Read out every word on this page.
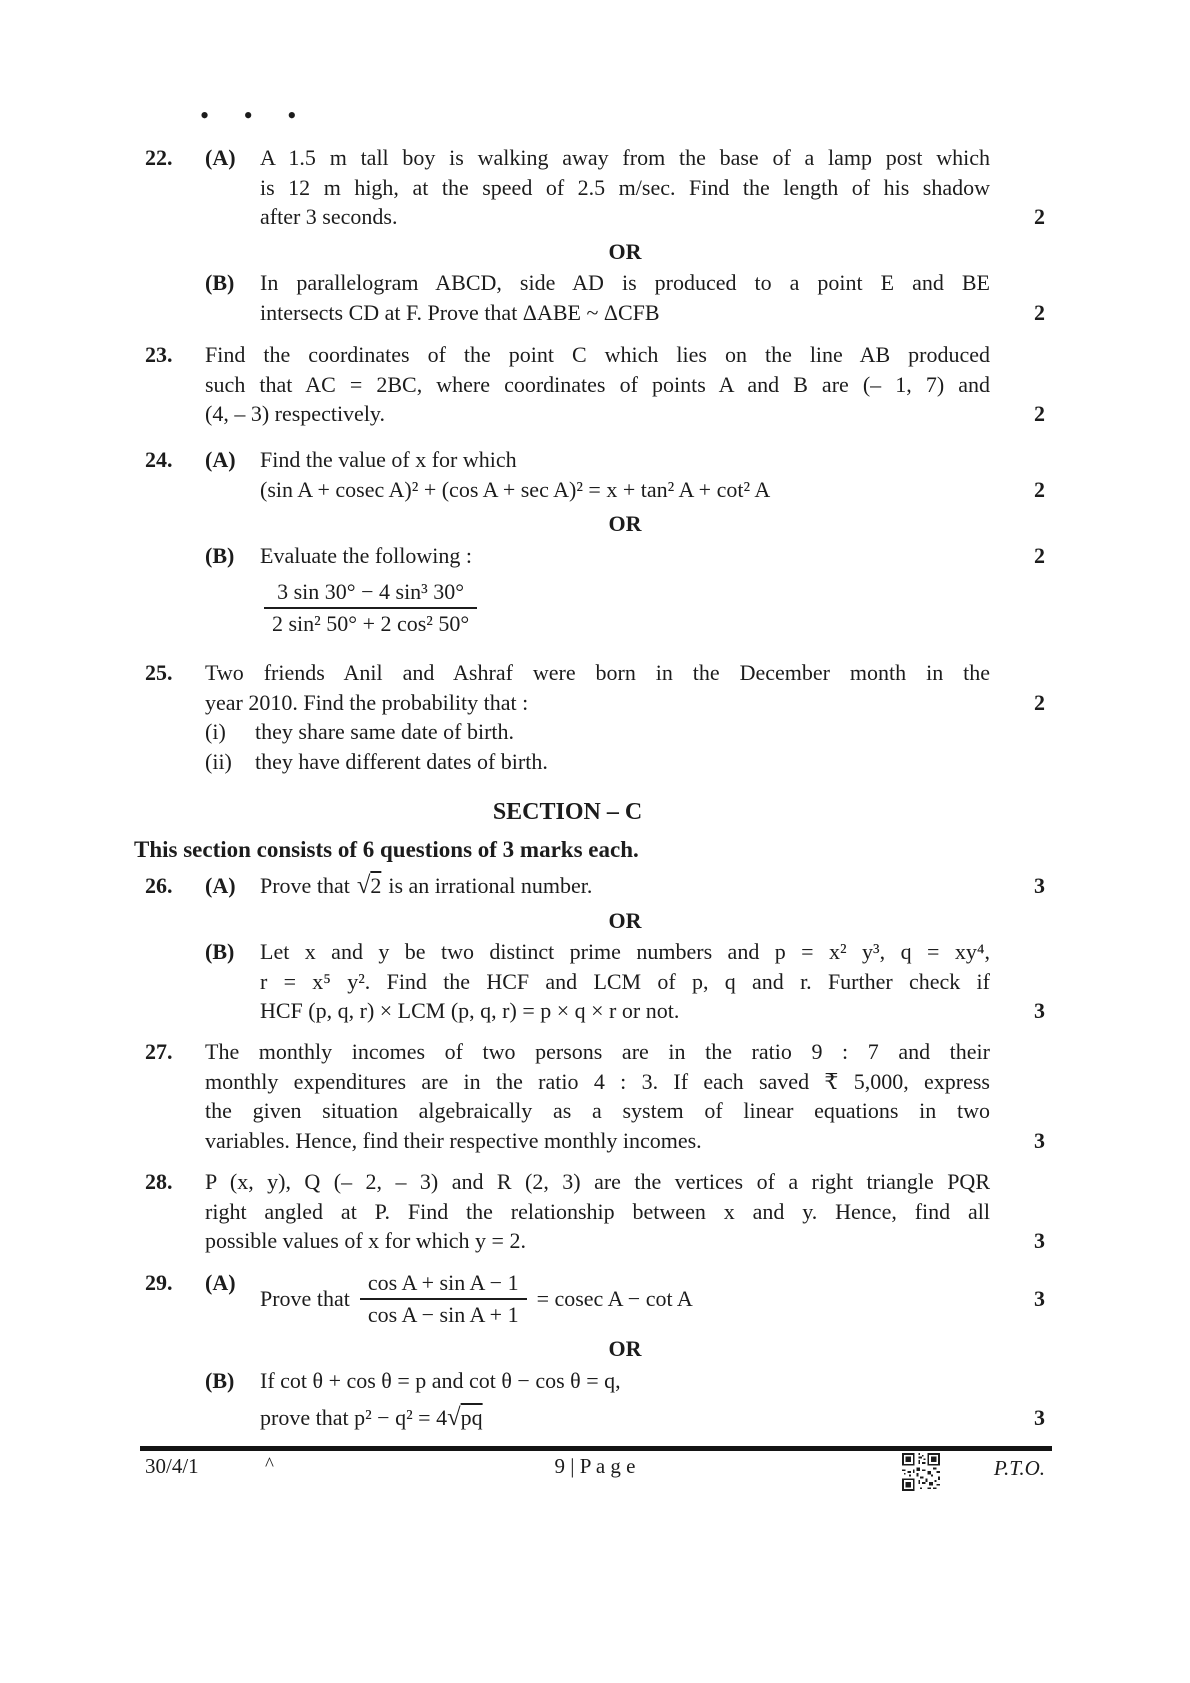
• • •
22.	(A)	A 1.5 m tall boy is walking away from the base of a lamp post which
is 12 m high, at the speed of 2.5 m/sec. Find the length of his shadow
after 3 seconds.	2
OR
(B)	In parallelogram ABCD, side AD is produced to a point E and BE
intersects CD at F. Prove that ΔABE ~ ΔCFB	2
23.	Find the coordinates of the point C which lies on the line AB produced
such that AC = 2BC, where coordinates of points A and B are (– 1, 7) and
(4, – 3) respectively.	2
24.	(A)	Find the value of x for which
(sin A + cosec A)² + (cos A + sec A)² = x + tan² A + cot² A	2
OR
(B)	Evaluate the following :	2
3 sin 30° − 4 sin³ 30°
2 sin² 50° + 2 cos² 50°
25.	Two friends Anil and Ashraf were born in the December month in the
year 2010. Find the probability that :	2
(i)	they share same date of birth.
(ii)	they have different dates of birth.
SECTION – C
This section consists of 6 questions of 3 marks each.
26.	(A)	Prove that √2 is an irrational number.	3
OR
(B)	Let x and y be two distinct prime numbers and p = x² y³, q = xy⁴,
r = x⁵ y². Find the HCF and LCM of p, q and r. Further check if
HCF (p, q, r) × LCM (p, q, r) = p × q × r or not.	3
27.	The monthly incomes of two persons are in the ratio 9 : 7 and their
monthly expenditures are in the ratio 4 : 3. If each saved ₹ 5,000, express
the given situation algebraically as a system of linear equations in two
variables. Hence, find their respective monthly incomes.	3
28.	P (x, y), Q (– 2, – 3) and R (2, 3) are the vertices of a right triangle PQR
right angled at P. Find the relationship between x and y. Hence, find all
possible values of x for which y = 2.	3
29.	(A)
Prove that $\frac{\text{cos A + sin A − 1}}{\text{cos A − sin A + 1}} = cosec$ A − cot A	3
OR
(B)	If cot θ + cos θ = p and cot θ − cos θ = q,
prove that p² − q² = 4√pq	3
30/4/1	^	9 | P a g e	P.T.O.
